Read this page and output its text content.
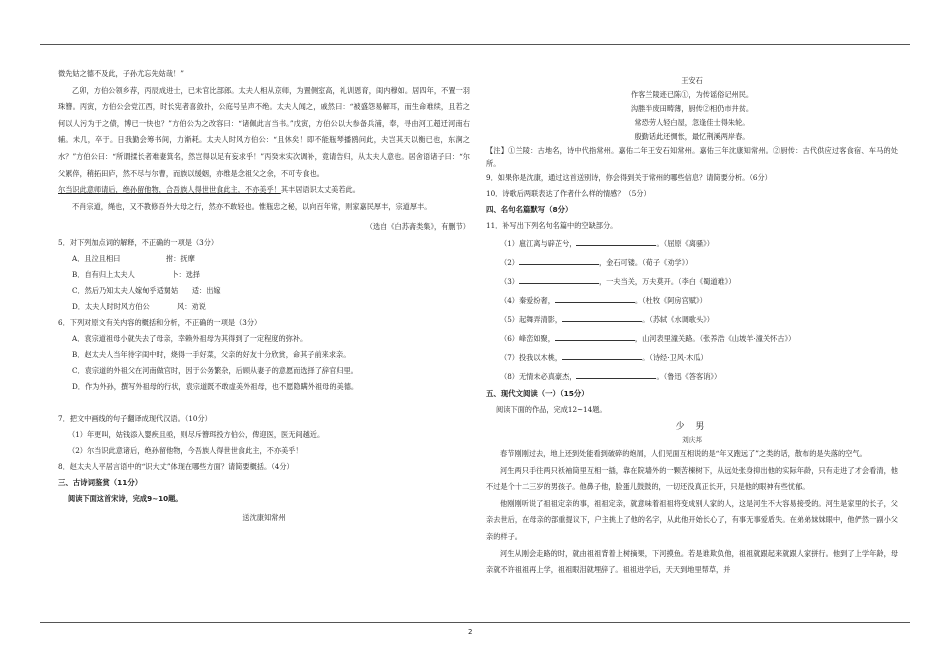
微先姑之德不及此，子孙尤忘先姑哉！”

乙卯，方伯公领乡荐，丙辰成进士，已未官比部郎。太夫人相从京师，为置侧室高，礼训恩育，闺内穆如。居四年，不置一羽珠簪。丙寅，方伯公会党江西，时长宪者喜敛扑，公庭号呈声不绝。太夫人闻之，戚然曰：“被盛怨易解耳，而生命难续，且若之何以人污为于之债，博已一快也？”方伯公为之改容曰：“诸佩此言当书。”戊寅，方伯公以大参备兵浦，奉，寻由河工超迁河南右辅。未几，卒于。日我勤会筹书间，力渐耗。太夫人时风方伯公：“且休矣！即不能瓶琴播鸥问此，夫岂其天以衡已也，东涧之水？”方伯公曰：“所谓揉长者难妻箕名，然岂得以足有妄求乎！”丙癸末实次调补，竟请告归，从太夫人意也。居舍语诸子曰：“尔父累倅，稍拓田庐，然不尽与尔曹，而族以缓姻，亦维是念祖父之余，不可专食也。

尔当识此意师请后，绝孙留他物，合吾族人得世世食此主，不亦美乎！其丰居语识太丈美若此。

不肖宗道，绳也，又不教修吾外大母之行，然亦不敢轻也。惟瓶忠之秘，以向百年常，则家嘉民厚丰，宗道厚丰。

（选自《白苏斋类集》，有删节）

5．对下列加点词的解释，不正确的一项是（3分）

A．且泣且相曰                    拊：抚摩

B．自有归上太夫人                卜：选择

C．然后乃知太夫人嫁甸乎适舅姑      适：出嫁

D．太夫人时时风方伯公            风：劝说

6．下列对原文有关内容的概括和分析，不正确的一项是（3分）

A．袁宗道祖母小就失去了母亲，幸赖外祖母为其得到了一定程度的弥补。

B．赵太夫人当年待字闺中时，烧得一手好菜，父亲的好友十分欣赏，命其子前来求亲。

C．袁宗道的外祖父在河南做官时，因于公务繁杂，后顾从妻子的意愿而选择了辞官归里。

D．作为外孙，撰写外祖母的行状，袁宗道既不敢虚美外祖母，也不愿隐瞒外祖母的美德。

7．把文中画线的句子翻译成现代汉语。（10分）

（1）年更叫，姑钱添入婴疾且亟，则尽斥簪珥投方伯公，俾迎医，医无间越近。

（2）尔当识此意诸后，绝孙留他物，今吾族人得世世食此主，不亦美乎！

8．赵太夫人平居言语中的“识大丈”体现在哪些方面？请简要概括。（4分）

三、古诗词鉴赏（11分）

阅读下面这首宋诗，完成9~10题。

送沈康知常州

王安石

作客兰陵迹已陈①，为传谣俗记州民。

沟塍半废田畴薄，厨传②相仍市井贫。

常恐劳人轻白屋，忽逢佳士得朱轮。

殷勤话此还惆怅，最忆荆溪两岸春。

【注】①兰陵：古地名，诗中代指常州。嘉佑二年王安石知常州。嘉佑三年沈康知常州。②厨传：古代供应过客食宿、车马的处所。

9．如果你是沈康，通过这首送别诗，你会得到关于常州的哪些信息？请简要分析。（6分）

10．诗歌后两联表达了作者什么样的情感？（5分）

四、名句名篇默写（8分）

11．补写出下列名句名篇中的空缺部分。

（1）扈江离与辟芷兮，	。（屈原《离骚》）

（2）	，金石可镂。（荀子《劝学》）

（3）	，一夫当关，万夫莫开。（李白《蜀道难》）

（4）秦爱纷奢，	。（杜牧《阿房宫赋》）

（5）起舞弄清影，	。（苏轼《水调歌头》）

（6）峰峦如聚，	，山河表里潼关路。（张养浩《山坡羊·潼关怀古》）

（7）投我以木桃，	。（诗经·卫风·木瓜）

（8）无情未必真豪杰，	。（鲁迅《答客诮》）

五、现代文阅读（一）（15分）

阅读下面的作品，完成12~14题。

少 男

刘庆邦

春节刚刚过去，地上还到处能看到破碎的炮屑，人们见面互相说的是“年又跑远了”之类的话，散布的是失落的空气。

河生两只手往两只袄袖筒里互相一插，靠在院墙外的一颗苦楝树下，从远处张身抑出他的实际年龄，只有走进了才会看清，他不过是个十二三岁的男孩子。他鼻子他，脸蛋儿鼓鼓的，一切还没真正长开，只是他的眼神有些忧郁。

他刚刚听说了祖祖定亲的事，祖祖定亲，就意味着祖祖将变成别人家的人，这是河生不大容易接受的。河生是家里的长子，父亲去世后，在母亲的部重提议下，户主挑上了他的名字，从此他开始长心了，有事无事爱盾失。在弟弟妹妹眼中，他俨然一副小父亲的样子。

河生从刚会走路的时，就由祖祖背着上树摘果，下河摸鱼。若是谁欺负他，祖祖就跟起来就跟人家拼行。他到了上学年龄，母亲就不许祖祖再上学，祖祖眼泪就埋辞了。祖祖进学后，天天到地里帮草，并

2
